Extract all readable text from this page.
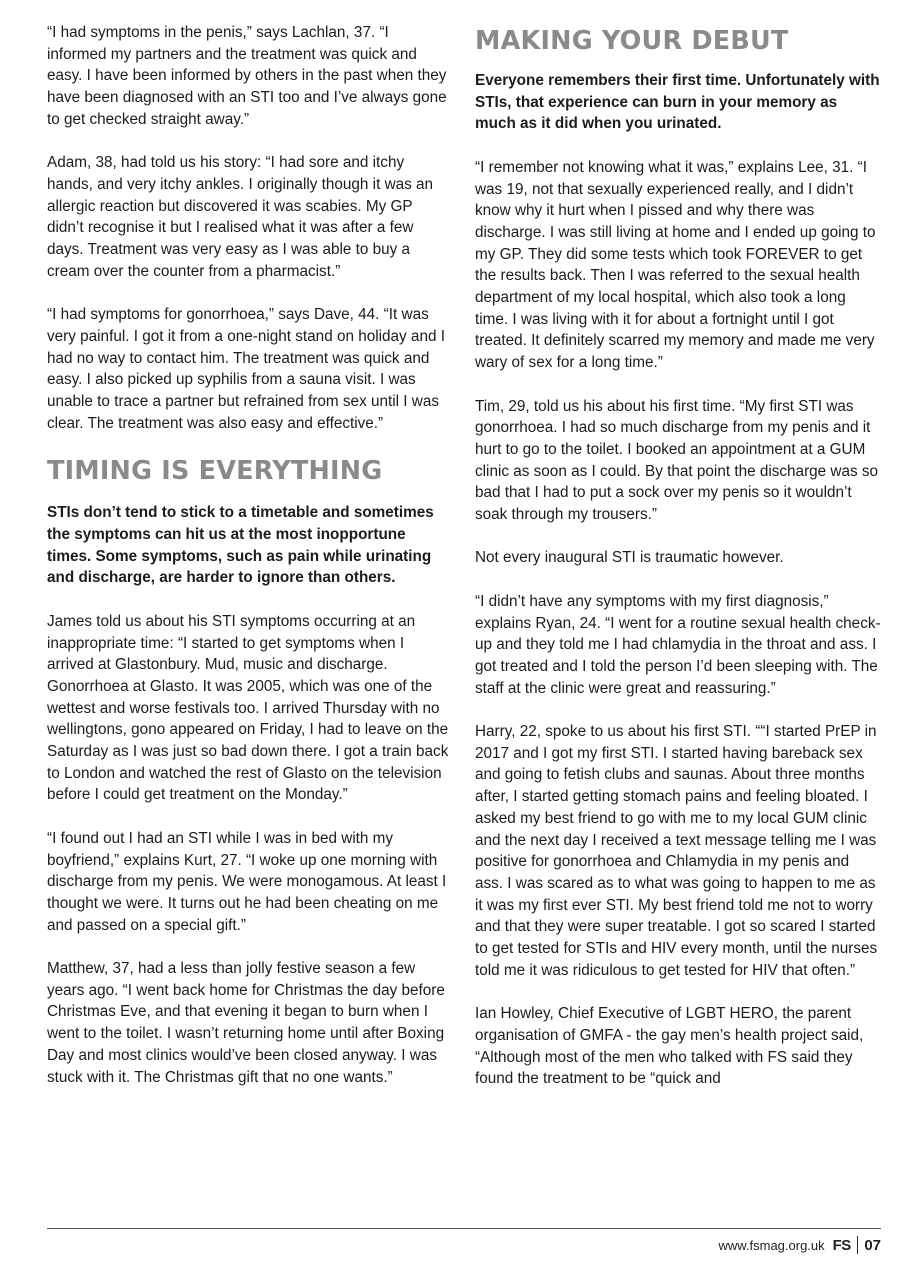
“I had symptoms in the penis,” says Lachlan, 37. “I informed my partners and the treatment was quick and easy. I have been informed by others in the past when they have been diagnosed with an STI too and I’ve always gone to get checked straight away.”

Adam, 38, had told us his story: “I had sore and itchy hands, and very itchy ankles. I originally though it was an allergic reaction but discovered it was scabies. My GP didn’t recognise it but I realised what it was after a few days. Treatment was very easy as I was able to buy a cream over the counter from a pharmacist.”

“I had symptoms for gonorrhoea,” says Dave, 44. “It was very painful. I got it from a one-night stand on holiday and I had no way to contact him. The treatment was quick and easy. I also picked up syphilis from a sauna visit. I was unable to trace a partner but refrained from sex until I was clear. The treatment was also easy and effective.”

TIMING IS EVERYTHING

STIs don’t tend to stick to a timetable and sometimes the symptoms can hit us at the most inopportune times. Some symptoms, such as pain while urinating and discharge, are harder to ignore than others.

James told us about his STI symptoms occurring at an inappropriate time: “I started to get symptoms when I arrived at Glastonbury. Mud, music and discharge. Gonorrhoea at Glasto. It was 2005, which was one of the wettest and worse festivals too. I arrived Thursday with no wellingtons, gono appeared on Friday, I had to leave on the Saturday as I was just so bad down there. I got a train back to London and watched the rest of Glasto on the television before I could get treatment on the Monday.”

“I found out I had an STI while I was in bed with my boyfriend,” explains Kurt, 27. “I woke up one morning with discharge from my penis. We were monogamous. At least I thought we were. It turns out he had been cheating on me and passed on a special gift.”

Matthew, 37, had a less than jolly festive season a few years ago. “I went back home for Christmas the day before Christmas Eve, and that evening it began to burn when I went to the toilet. I wasn’t returning home until after Boxing Day and most clinics would’ve been closed anyway. I was stuck with it. The Christmas gift that no one wants.”

MAKING YOUR DEBUT

Everyone remembers their first time. Unfortunately with STIs, that experience can burn in your memory as much as it did when you urinated.

“I remember not knowing what it was,” explains Lee, 31. “I was 19, not that sexually experienced really, and I didn’t know why it hurt when I pissed and why there was discharge. I was still living at home and I ended up going to my GP. They did some tests which took FOREVER to get the results back. Then I was referred to the sexual health department of my local hospital, which also took a long time. I was living with it for about a fortnight until I got treated. It definitely scarred my memory and made me very wary of sex for a long time.”

Tim, 29, told us his about his first time. “My first STI was gonorrhoea. I had so much discharge from my penis and it hurt to go to the toilet. I booked an appointment at a GUM clinic as soon as I could. By that point the discharge was so bad that I had to put a sock over my penis so it wouldn’t soak through my trousers.”

Not every inaugural STI is traumatic however.

“I didn’t have any symptoms with my first diagnosis,” explains Ryan, 24. “I went for a routine sexual health check-up and they told me I had chlamydia in the throat and ass. I got treated and I told the person I’d been sleeping with. The staff at the clinic were great and reassuring.”

Harry, 22, spoke to us about his first STI. ““I started PrEP in 2017 and I got my first STI. I started having bareback sex and going to fetish clubs and saunas. About three months after, I started getting stomach pains and feeling bloated. I asked my best friend to go with me to my local GUM clinic and the next day I received a text message telling me I was positive for gonorrhoea and Chlamydia in my penis and ass. I was scared as to what was going to happen to me as it was my first ever STI. My best friend told me not to worry and that they were super treatable. I got so scared I started to get tested for STIs and HIV every month, until the nurses told me it was ridiculous to get tested for HIV that often.”

Ian Howley, Chief Executive of LGBT HERO, the parent organisation of GMFA - the gay men’s health project said, “Although most of the men who talked with FS said they found the treatment to be “quick and

www.fsmag.org.uk FS 07
